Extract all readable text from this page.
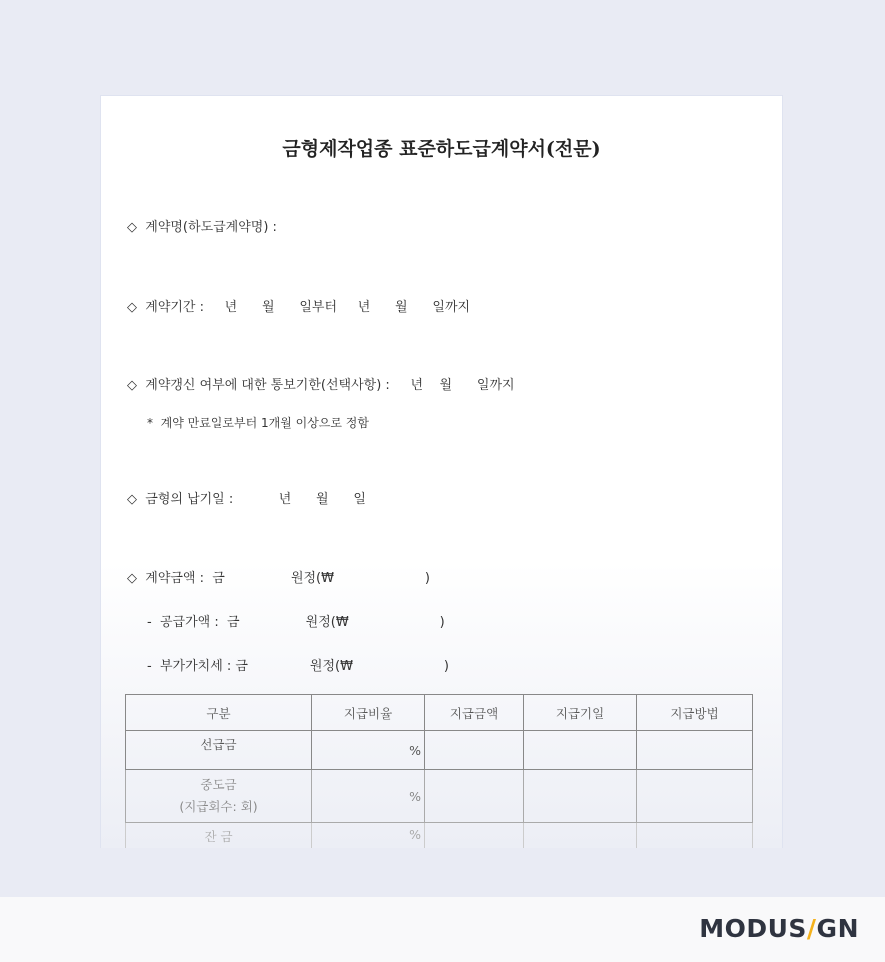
금형제작업종 표준하도급계약서(전문)
◇  계약명(하도급계약명) :
◇  계약기간 :     년      월      일부터     년      월      일까지
◇  계약갱신 여부에 대한 통보기한(선택사항) :     년    월      일까지
*  계약 만료일로부터 1개월 이상으로 정함
◇  금형의 납기일 :           년      월      일
◇  계약금액 :  금                원정(₩                      )
-  공급가액 :  금                원정(₩                      )
-  부가가치세 : 금               원정(₩                      )
구분	지급비율	지급금액	지급기일	지급방법
선급금	%			

중도금
(지급회수: 회)	%			
잔 금	%			
MODUS/GN
